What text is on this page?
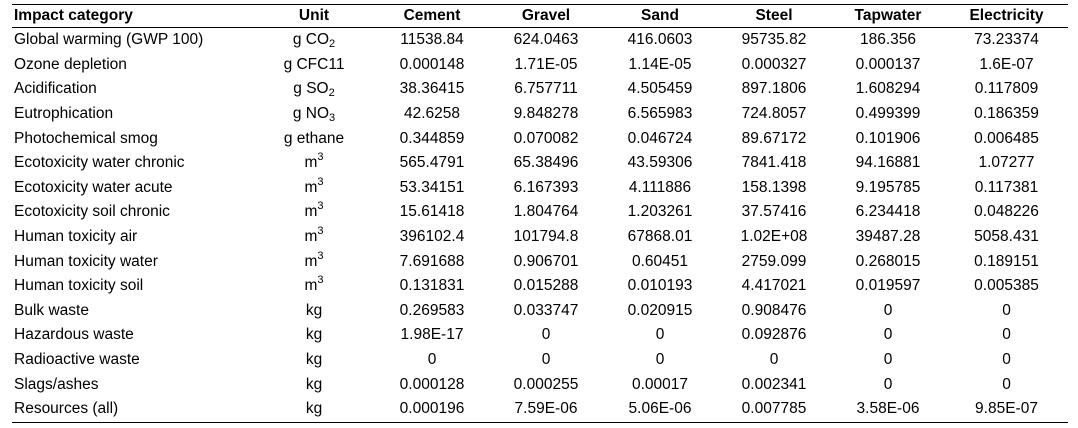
Impact category	Unit	Cement	Gravel	Sand	Steel	Tapwater	Electricity
Global warming (GWP 100)	g $CO_2$	11538.84	624.0463	416.0603	95735.82	186.356	73.23374
Ozone depletion	g CFC11	0.000148	1.71E-05	1.14E-05	0.000327	0.000137	1.6E-07
Acidification	g $SO_2$	38.36415	6.757711	4.505459	897.1806	1.608294	0.117809
Eutrophication	g $NO_3$	42.6258	9.848278	6.565983	724.8057	0.499399	0.186359
Photochemical smog	g ethane	0.344859	0.070082	0.046724	89.67172	0.101906	0.006485
Ecotoxicity water chronic	$m^3$	565.4791	65.38496	43.59306	7841.418	94.16881	1.07277
Ecotoxicity water acute	$m^3$	53.34151	6.167393	4.111886	158.1398	9.195785	0.117381
Ecotoxicity soil chronic	$m^3$	15.61418	1.804764	1.203261	37.57416	6.234418	0.048226
Human toxicity air	$m^3$	396102.4	101794.8	67868.01	1.02E+08	39487.28	5058.431
Human toxicity water	$m^3$	7.691688	0.906701	0.60451	2759.099	0.268015	0.189151
Human toxicity soil	$m^3$	0.131831	0.015288	0.010193	4.417021	0.019597	0.005385
Bulk waste	kg	0.269583	0.033747	0.020915	0.908476	0	0
Hazardous waste	kg	1.98E-17	0	0	0.092876	0	0
Radioactive waste	kg	0	0	0	0	0	0
Slags/ashes	kg	0.000128	0.000255	0.00017	0.002341	0	0
Resources (all)	kg	0.000196	7.59E-06	5.06E-06	0.007785	3.58E-06	9.85E-07
